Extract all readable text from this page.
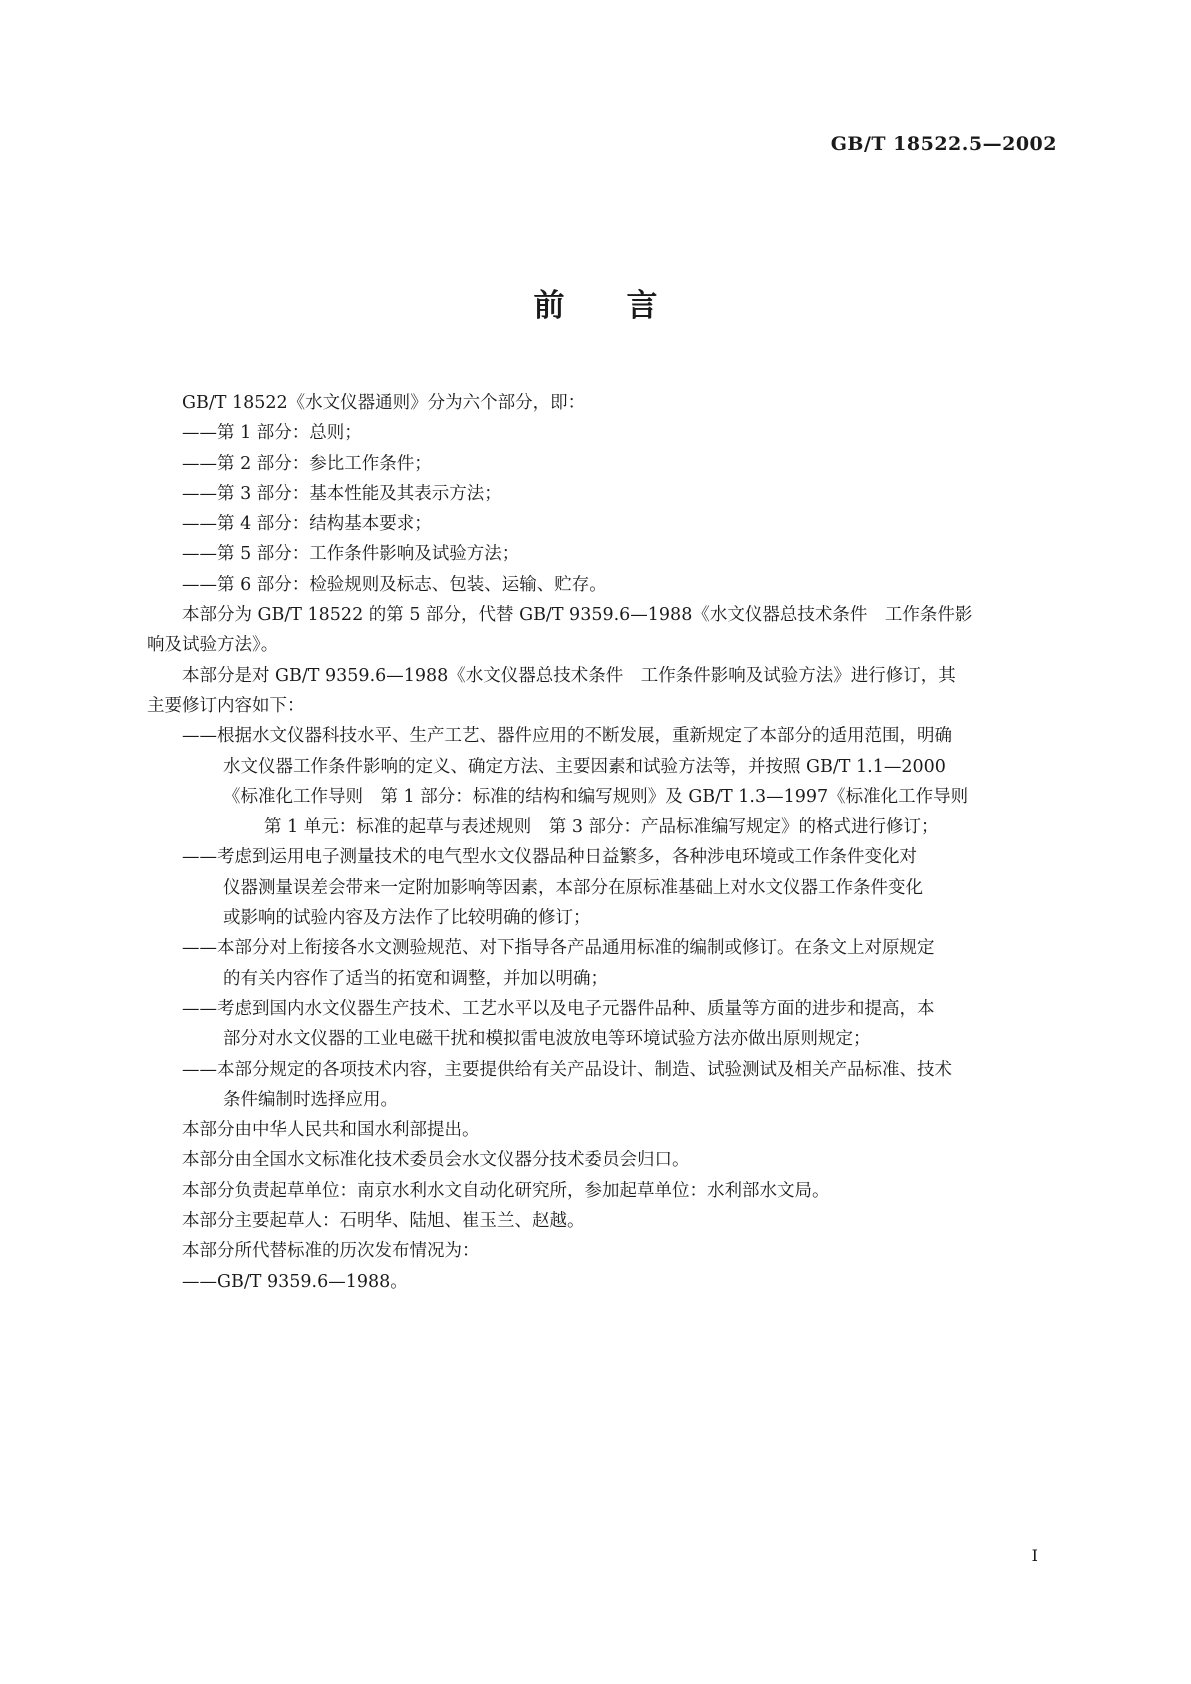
GB/T 18522.5—2002
前　　言
GB/T 18522《水文仪器通则》分为六个部分，即：
——第 1 部分：总则；
——第 2 部分：参比工作条件；
——第 3 部分：基本性能及其表示方法；
——第 4 部分：结构基本要求；
——第 5 部分：工作条件影响及试验方法；
——第 6 部分：检验规则及标志、包装、运输、贮存。
本部分为 GB/T 18522 的第 5 部分，代替 GB/T 9359.6—1988《水文仪器总技术条件　工作条件影
响及试验方法》。
本部分是对 GB/T 9359.6—1988《水文仪器总技术条件　工作条件影响及试验方法》进行修订，其
主要修订内容如下：
——根据水文仪器科技水平、生产工艺、器件应用的不断发展，重新规定了本部分的适用范围，明确
水文仪器工作条件影响的定义、确定方法、主要因素和试验方法等，并按照 GB/T 1.1—2000
《标准化工作导则　第 1 部分：标准的结构和编写规则》及 GB/T 1.3—1997《标准化工作导则
第 1 单元：标准的起草与表述规则　第 3 部分：产品标准编写规定》的格式进行修订；
——考虑到运用电子测量技术的电气型水文仪器品种日益繁多，各种涉电环境或工作条件变化对
仪器测量误差会带来一定附加影响等因素，本部分在原标准基础上对水文仪器工作条件变化
或影响的试验内容及方法作了比较明确的修订；
——本部分对上衔接各水文测验规范、对下指导各产品通用标准的编制或修订。在条文上对原规定
的有关内容作了适当的拓宽和调整，并加以明确；
——考虑到国内水文仪器生产技术、工艺水平以及电子元器件品种、质量等方面的进步和提高，本
部分对水文仪器的工业电磁干扰和模拟雷电波放电等环境试验方法亦做出原则规定；
——本部分规定的各项技术内容，主要提供给有关产品设计、制造、试验测试及相关产品标准、技术
条件编制时选择应用。
本部分由中华人民共和国水利部提出。
本部分由全国水文标准化技术委员会水文仪器分技术委员会归口。
本部分负责起草单位：南京水利水文自动化研究所，参加起草单位：水利部水文局。
本部分主要起草人：石明华、陆旭、崔玉兰、赵越。
本部分所代替标准的历次发布情况为：
——GB/T 9359.6—1988。
I
